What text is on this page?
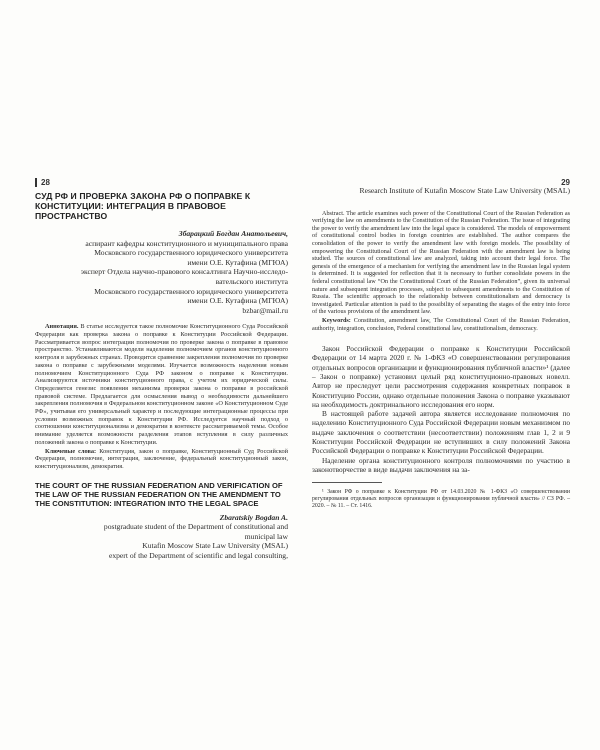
28
СУД РФ И ПРОВЕРКА ЗАКОНА РФ О ПОПРАВКЕ К КОНСТИТУЦИИ: ИНТЕГРАЦИЯ В ПРАВОВОЕ ПРОСТРАНСТВО
Збарацкий Богдан Анатольевич,
аспирант кафедры конституционного и муниципального права
Московского государственного юридического университета
имени О.Е. Кутафина (МГЮА)
эксперт Отдела научно-правового консалтинга Научно-исследо-
вательского института
Московского государственного юридического университета
имени О.Е. Кутафина (МГЮА)
bzbar@mail.ru

Аннотация. В статье исследуется такое полномочие Конституционного Суда Российской Федерации как проверка закона о поправке к Конституции Российской Федерации. Рассматривается вопрос интеграции полномочия по проверке закона о поправке в правовое пространство. Устанавливаются модели наделения полномочием органов конституционного контроля в зарубежных странах. Проводится сравнение закрепления полномочия по проверке закона о поправке с зарубежными моделями. Изучается возможность наделения новым полномочием Конституционного Суда РФ законом о поправке к Конституции. Анализируются источники конституционного права, с учетом их юридической силы. Определяется генезис появления механизма проверки закона о поправке в российской правовой системе. Предлагается для осмысления вывод о необходимости дальнейшего закрепления полномочия в Федеральном конституционном законе «О Конституционном Суде РФ», учитывая его универсальный характер и последующие интеграционные процессы при условии возможных поправок к Конституции РФ. Исследуется научный подход о соотношении конституционализма и демократии в контексте рассматриваемой темы. Особое внимание уделяется возможности разделения этапов вступления в силу различных положений закона о поправке к Конституции.

Ключевые слова: Конституция, закон о поправке, Конституционный Суд Российской Федерации, полномочие, интеграция, заключение, федеральный конституционный закон, конституционализм, демократия.

THE COURT OF THE RUSSIAN FEDERATION AND VERIFICATION OF THE LAW OF THE RUSSIAN FEDERATION ON THE AMENDMENT TO THE CONSTITUTION: INTEGRATION INTO THE LEGAL SPACE
Zbaratskiy Bogdan A.
postgraduate student of the Department of constitutional and
municipal law
Kutafin Moscow State Law University (MSAL)
expert of the Department of scientific and legal consulting,
29
Research Institute of Kutafin Moscow State Law University (MSAL)

Abstract. The article examines such power of the Constitutional Court of the Russian Federation as verifying the law on amendments to the Constitution of the Russian Federation. The issue of integrating the power to verify the amendment law into the legal space is considered. The models of empowerment of constitutional control bodies in foreign countries are established. The author compares the consolidation of the power to verify the amendment law with foreign models. The possibility of empowering the Constitutional Court of the Russian Federation with the amendment law is being studied. The sources of constitutional law are analyzed, taking into account their legal force. The genesis of the emergence of a mechanism for verifying the amendment law in the Russian legal system is determined. It is suggested for reflection that it is necessary to further consolidate powers in the federal constitutional law “On the Constitutional Court of the Russian Federation”, given its universal nature and subsequent integration processes, subject to subsequent amendments to the Constitution of Russia. The scientific approach to the relationship between constitutionalism and democracy is investigated. Particular attention is paid to the possibility of separating the stages of the entry into force of the various provisions of the amendment law.

Keywords: Constitution, amendment law, The Constitutional Court of the Russian Federation, authority, integration, conclusion, Federal constitutional law, constitutionalism, democracy.

Закон Российской Федерации о поправке к Конституции Российской Федерации от 14 марта 2020 г. № 1-ФКЗ «О совершенствовании регулирования отдельных вопросов организации и функционирования публичной власти»¹ (далее – Закон о поправке) установил целый ряд конституционно-правовых новелл. Автор не преследует цели рассмотрения содержания конкретных поправок в Конституцию России, однако отдельные положения Закона о поправке указывают на необходимость доктринального исследования его норм.

В настоящей работе задачей автора является исследование полномочия по наделению Конституционного Суда Российской Федерации новым механизмом по выдаче заключения о соответствии (несоответствии) положениям глав 1, 2 и 9 Конституции Российской Федерации не вступивших в силу положений Закона Российской Федерации о поправке к Конституции Российской Федерации.

Наделение органа конституционного контроля полномочиями по участию в законотворчестве в виде выдачи заключения на за-

¹ Закон РФ о поправке к Конституции РФ от 14.03.2020 № 1-ФКЗ «О совершенствовании регулирования отдельных вопросов организации и функционирования публичной власти» // СЗ РФ. – 2020. – № 11. – Ст. 1416.
